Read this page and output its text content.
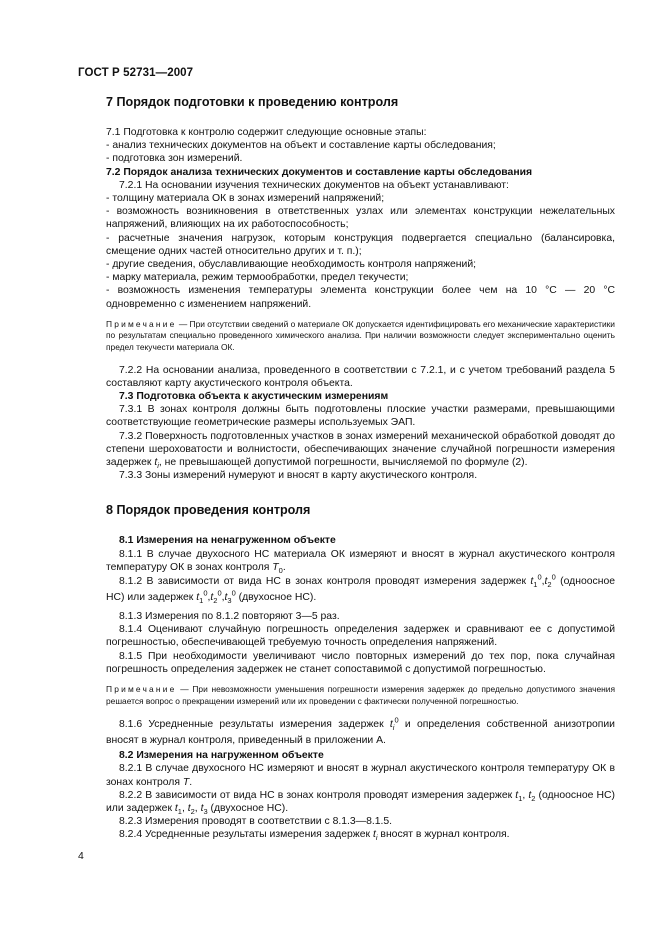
ГОСТ Р 52731—2007
7 Порядок подготовки к проведению контроля

7.1 Подготовка к контролю содержит следующие основные этапы:

- анализ технических документов на объект и составление карты обследования;

- подготовка зон измерений.

7.2 Порядок анализа технических документов и составление карты обследования

7.2.1 На основании изучения технических документов на объект устанавливают:

- толщину материала ОК в зонах измерений напряжений;

- возможность возникновения в ответственных узлах или элементах конструкции нежелательных напряжений, влияющих на их работоспособность;

- расчетные значения нагрузок, которым конструкция подвергается специально (балансировка, смещение одних частей относительно других и т. п.);

- другие сведения, обуславливающие необходимость контроля напряжений;

- марку материала, режим термообработки, предел текучести;

- возможность изменения температуры элемента конструкции более чем на 10 °С — 20 °С одновременно с изменением напряжений.

Примечание — При отсутствии сведений о материале ОК допускается идентифицировать его механические характеристики по результатам специально проведенного химического анализа. При наличии возможности следует экспериментально оценить предел текучести материала ОК.

7.2.2 На основании анализа, проведенного в соответствии с 7.2.1, и с учетом требований раздела 5 составляют карту акустического контроля объекта.

7.3 Подготовка объекта к акустическим измерениям

7.3.1 В зонах контроля должны быть подготовлены плоские участки размерами, превышающими соответствующие геометрические размеры используемых ЭАП.

7.3.2 Поверхность подготовленных участков в зонах измерений механической обработкой доводят до степени шероховатости и волнистости, обеспечивающих значение случайной погрешности измерения задержек $t_i$, не превышающей допустимой погрешности, вычисляемой по формуле (2).

7.3.3 Зоны измерений нумеруют и вносят в карту акустического контроля.

8 Порядок проведения контроля

8.1 Измерения на ненагруженном объекте

8.1.1 В случае двухосного НС материала ОК измеряют и вносят в журнал акустического контроля температуру ОК в зонах контроля $T_0$.

8.1.2 В зависимости от вида НС в зонах контроля проводят измерения задержек $t_1^0,t_2^0$ (одноосное НС) или задержек $t_1^0,t_2^0,t_3^0$ (двухосное НС).

8.1.3 Измерения по 8.1.2 повторяют 3—5 раз.

8.1.4 Оценивают случайную погрешность определения задержек и сравнивают ее с допустимой погрешностью, обеспечивающей требуемую точность определения напряжений.

8.1.5 При необходимости увеличивают число повторных измерений до тех пор, пока случайная погрешность определения задержек не станет сопоставимой с допустимой погрешностью.

Примечание — При невозможности уменьшения погрешности измерения задержек до предельно допустимого значения решается вопрос о прекращении измерений или их проведении с фактически полученной погрешностью.

8.1.6 Усредненные результаты измерения задержек $t_i^0$ и определения собственной анизотропии вносят в журнал контроля, приведенный в приложении А.

8.2 Измерения на нагруженном объекте

8.2.1 В случае двухосного НС измеряют и вносят в журнал акустического контроля температуру ОК в зонах контроля T.

8.2.2 В зависимости от вида НС в зонах контроля проводят измерения задержек $t_1$, $t_2$ (одноосное НС) или задержек $t_1$, $t_2$, $t_3$ (двухосное НС).

8.2.3 Измерения проводят в соответствии с 8.1.3—8.1.5.

8.2.4 Усредненные результаты измерения задержек $t_i$ вносят в журнал контроля.

4
